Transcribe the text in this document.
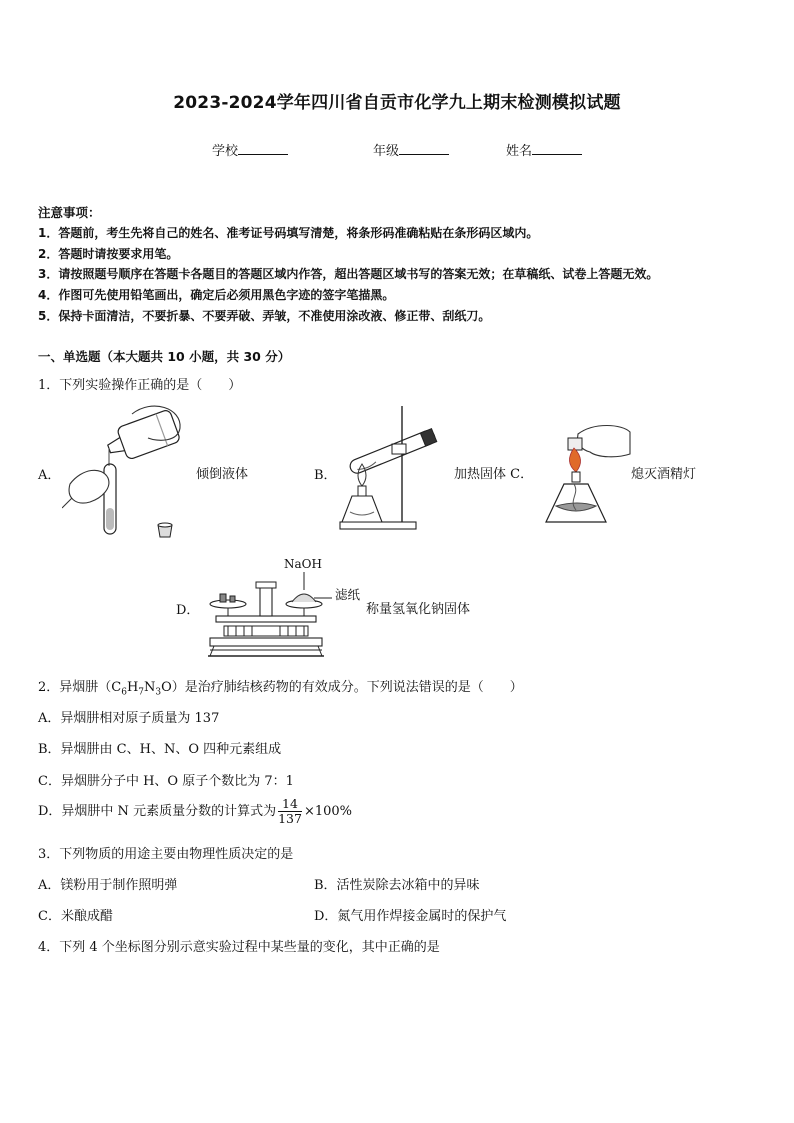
2023-2024学年四川省自贡市化学九上期末检测模拟试题
学校	年级	姓名
注意事项：
1．答题前，考生先将自己的姓名、准考证号码填写清楚，将条形码准确粘贴在条形码区域内。
2．答题时请按要求用笔。
3．请按照题号顺序在答题卡各题目的答题区域内作答，超出答题区域书写的答案无效；在草稿纸、试卷上答题无效。
4．作图可先使用铅笔画出，确定后必须用黑色字迹的签字笔描黑。
5．保持卡面清洁，不要折暴、不要弄破、弄皱，不准使用涂改液、修正带、刮纸刀。
一、单选题（本大题共 10 小题，共 30 分）
1．下列实验操作正确的是（　　）
A．	倾倒液体	B．	加热固体 C．	熄灭酒精灯
D．
NaOH
滤纸
称量氢氧化钠固体
2．异烟肼$(C_6H_7N_3O)$是治疗肺结核药物的有效成分。下列说法错误的是（　　）
A．异烟肼相对原子质量为 137
B．异烟肼由 C、H、N、O 四种元素组成
C．异烟肼分子中 H、O 原子个数比为 7：1
D．异烟肼中 N 元素质量分数的计算式为 $\frac{14}{137} \times 100\%$
3．下列物质的用途主要由物理性质决定的是
A．镁粉用于制作照明弹	B．活性炭除去冰箱中的异味
C．米酿成醋	D．氮气用作焊接金属时的保护气
4．下列 4 个坐标图分别示意实验过程中某些量的变化，其中正确的是
